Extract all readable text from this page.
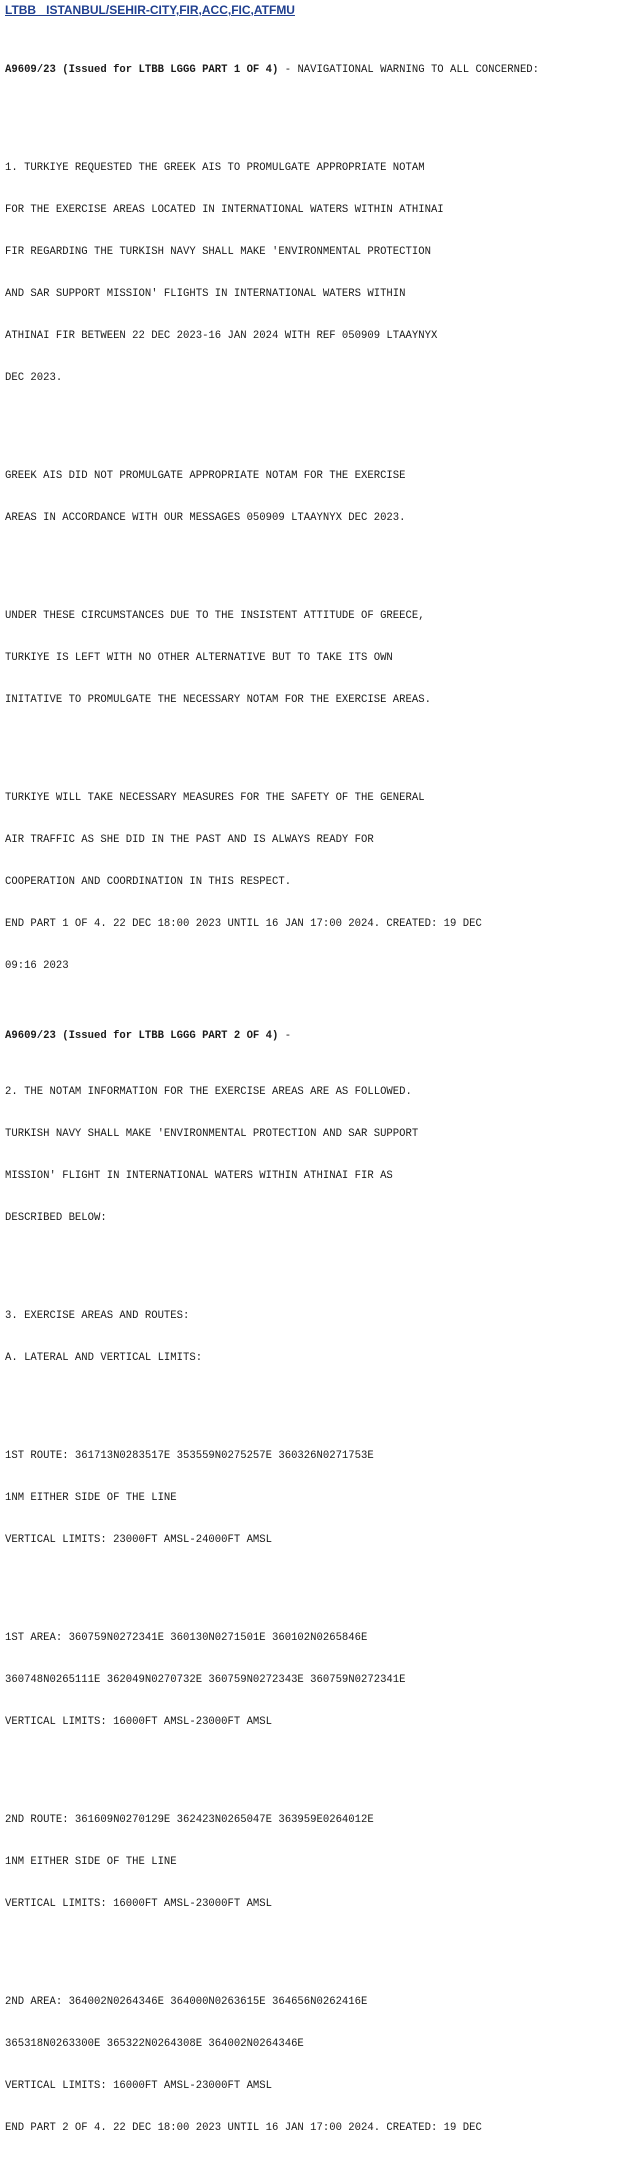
LTBB   ISTANBUL/SEHIR-CITY,FIR,ACC,FIC,ATFMU

A9609/23 (Issued for LTBB LGGG PART 1 OF 4) - NAVIGATIONAL WARNING TO ALL CONCERNED:

1. TURKIYE REQUESTED THE GREEK AIS TO PROMULGATE APPROPRIATE NOTAM

FOR THE EXERCISE AREAS LOCATED IN INTERNATIONAL WATERS WITHIN ATHINAI

FIR REGARDING THE TURKISH NAVY SHALL MAKE 'ENVIRONMENTAL PROTECTION

AND SAR SUPPORT MISSION' FLIGHTS IN INTERNATIONAL WATERS WITHIN

ATHINAI FIR BETWEEN 22 DEC 2023-16 JAN 2024 WITH REF 050909 LTAAYNYX

DEC 2023.

GREEK AIS DID NOT PROMULGATE APPROPRIATE NOTAM FOR THE EXERCISE

AREAS IN ACCORDANCE WITH OUR MESSAGES 050909 LTAAYNYX DEC 2023.

UNDER THESE CIRCUMSTANCES DUE TO THE INSISTENT ATTITUDE OF GREECE,

TURKIYE IS LEFT WITH NO OTHER ALTERNATIVE BUT TO TAKE ITS OWN

INITATIVE TO PROMULGATE THE NECESSARY NOTAM FOR THE EXERCISE AREAS.

TURKIYE WILL TAKE NECESSARY MEASURES FOR THE SAFETY OF THE GENERAL

AIR TRAFFIC AS SHE DID IN THE PAST AND IS ALWAYS READY FOR

COOPERATION AND COORDINATION IN THIS RESPECT.

END PART 1 OF 4. 22 DEC 18:00 2023 UNTIL 16 JAN 17:00 2024. CREATED: 19 DEC

09:16 2023

A9609/23 (Issued for LTBB LGGG PART 2 OF 4) -

2. THE NOTAM INFORMATION FOR THE EXERCISE AREAS ARE AS FOLLOWED.

TURKISH NAVY SHALL MAKE 'ENVIRONMENTAL PROTECTION AND SAR SUPPORT

MISSION' FLIGHT IN INTERNATIONAL WATERS WITHIN ATHINAI FIR AS

DESCRIBED BELOW:

3. EXERCISE AREAS AND ROUTES:

A. LATERAL AND VERTICAL LIMITS:

1ST ROUTE: 361713N0283517E 353559N0275257E 360326N0271753E

1NM EITHER SIDE OF THE LINE

VERTICAL LIMITS: 23000FT AMSL-24000FT AMSL

1ST AREA: 360759N0272341E 360130N0271501E 360102N0265846E

360748N0265111E 362049N0270732E 360759N0272343E 360759N0272341E

VERTICAL LIMITS: 16000FT AMSL-23000FT AMSL

2ND ROUTE: 361609N0270129E 362423N0265047E 363959E0264012E

1NM EITHER SIDE OF THE LINE

VERTICAL LIMITS: 16000FT AMSL-23000FT AMSL

2ND AREA: 364002N0264346E 364000N0263615E 364656N0262416E

365318N0263300E 365322N0264308E 364002N0264346E

VERTICAL LIMITS: 16000FT AMSL-23000FT AMSL

END PART 2 OF 4. 22 DEC 18:00 2023 UNTIL 16 JAN 17:00 2024. CREATED: 19 DEC
